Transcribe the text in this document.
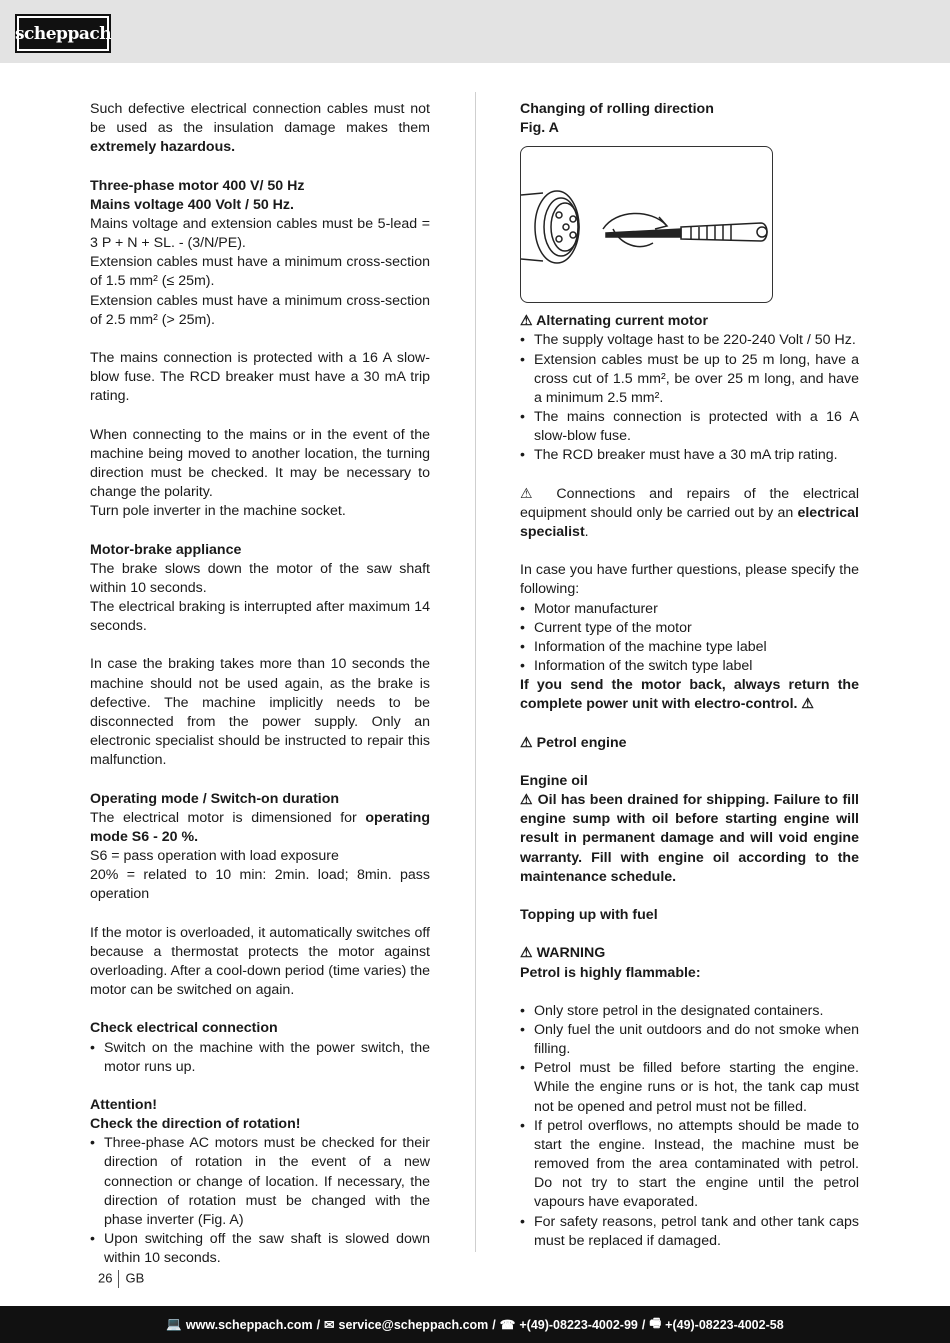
scheppach

Such defective electrical connection cables must not be used as the insulation damage makes them extremely hazardous.

Three-phase motor 400 V/ 50 Hz

Mains voltage 400 Volt / 50 Hz.

Mains voltage and extension cables must be 5-lead = 3 P + N + SL. - (3/N/PE).

Extension cables must have a minimum cross-section of 1.5 mm² (≤ 25m).

Extension cables must have a minimum cross-section of 2.5 mm² (> 25m).

The mains connection is protected with a 16 A slow-blow fuse. The RCD breaker must have a 30 mA trip rating.

When connecting to the mains or in the event of the machine being moved to another location, the turning direction must be checked. It may be necessary to change the polarity.

Turn pole inverter in the machine socket.

Motor-brake appliance

The brake slows down the motor of the saw shaft within 10 seconds.

The electrical braking is interrupted after maximum 14 seconds.

In case the braking takes more than 10 seconds the machine should not be used again, as the brake is defective. The machine implicitly needs to be disconnected from the power supply. Only an electronic specialist should be instructed to repair this malfunction.

Operating mode / Switch-on duration

The electrical motor is dimensioned for operating mode S6 - 20 %.

S6 = pass operation with load exposure

20% = related to 10 min: 2min. load; 8min. pass operation

If the motor is overloaded, it automatically switches off because a thermostat protects the motor against overloading. After a cool-down period (time varies) the motor can be switched on again.

Check electrical connection

• Switch on the machine with the power switch, the motor runs up.

Attention!

Check the direction of rotation!

• Three-phase AC motors must be checked for their direction of rotation in the event of a new connection or change of location. If necessary, the direction of rotation must be changed with the phase inverter (Fig. A)

• Upon switching off the saw shaft is slowed down within 10 seconds.

Changing of rolling direction

Fig. A

⚠ Alternating current motor

• The supply voltage hast to be 220-240 Volt / 50 Hz.

• Extension cables must be up to 25 m long, have a cross cut of 1.5 mm², be over 25 m long, and have a minimum 2.5 mm².

• The mains connection is protected with a 16 A slow-blow fuse.

• The RCD breaker must have a 30 mA trip rating.

⚠ Connections and repairs of the electrical equipment should only be carried out by an electrical specialist.

In case you have further questions, please specify the following:

• Motor manufacturer

• Current type of the motor

• Information of the machine type label

• Information of the switch type label

If you send the motor back, always return the complete power unit with electro-control. ⚠

⚠ Petrol engine

Engine oil

⚠ Oil has been drained for shipping. Failure to fill engine sump with oil before starting engine will result in permanent damage and will void engine warranty. Fill with engine oil according to the maintenance schedule.

Topping up with fuel

⚠ WARNING

Petrol is highly flammable:

• Only store petrol in the designated containers.

• Only fuel the unit outdoors and do not smoke when filling.

• Petrol must be filled before starting the engine. While the engine runs or is hot, the tank cap must not be opened and petrol must not be filled.

• If petrol overflows, no attempts should be made to start the engine. Instead, the machine must be removed from the area contaminated with petrol. Do not try to start the engine until the petrol vapours have evaporated.

• For safety reasons, petrol tank and other tank caps must be replaced if damaged.

26 GB
💻 www.scheppach.com / ✉ service@scheppach.com / ☎ +(49)-08223-4002-99 / 🖷 +(49)-08223-4002-58
